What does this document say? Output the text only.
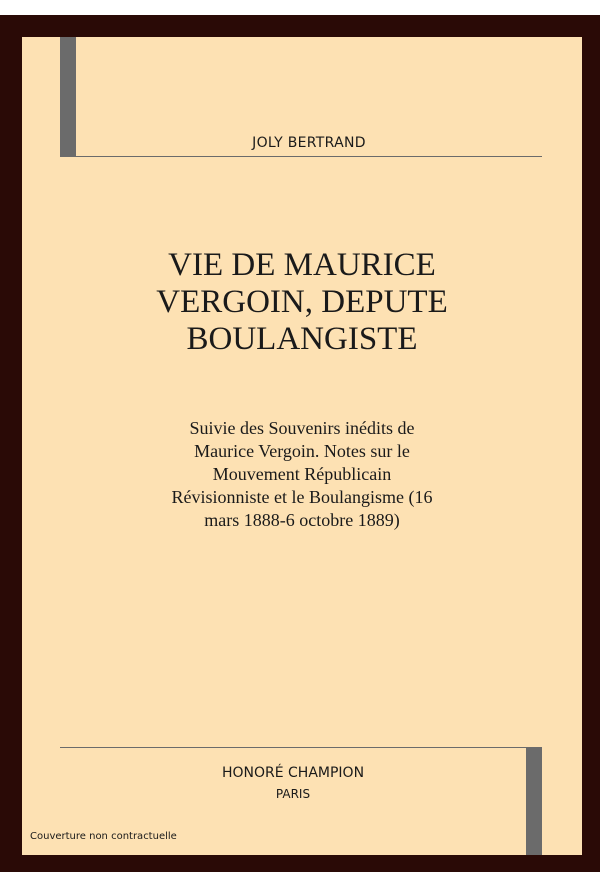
JOLY BERTRAND
VIE DE MAURICE
VERGOIN, DEPUTE
BOULANGISTE
Suivie des Souvenirs inédits de
Maurice Vergoin. Notes sur le
Mouvement Républicain
Révisionniste et le Boulangisme (16
mars 1888-6 octobre 1889)
HONORÉ CHAMPION
PARIS
Couverture non contractuelle
